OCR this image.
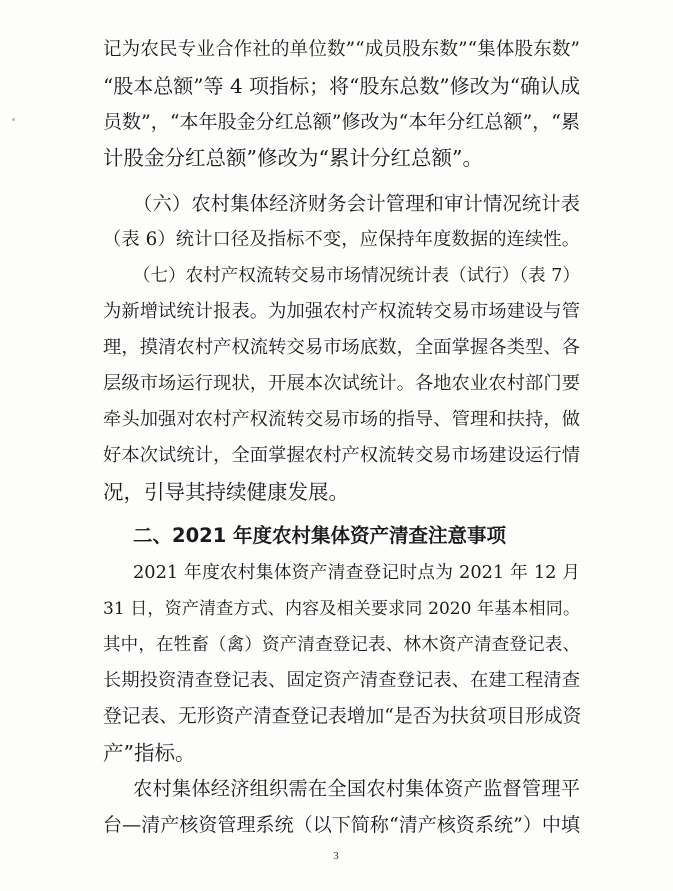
记为农民专业合作社的单位数”“成员股东数”“集体股东数”
“股本总额”等 4 项指标；将“股东总数”修改为“确认成
员数”，“本年股金分红总额”修改为“本年分红总额”，“累
计股金分红总额”修改为“累计分红总额”。
（六）农村集体经济财务会计管理和审计情况统计表
（表 6）统计口径及指标不变，应保持年度数据的连续性。
（七）农村产权流转交易市场情况统计表（试行）（表 7）
为新增试统计报表。为加强农村产权流转交易市场建设与管
理，摸清农村产权流转交易市场底数，全面掌握各类型、各
层级市场运行现状，开展本次试统计。各地农业农村部门要
牵头加强对农村产权流转交易市场的指导、管理和扶持，做
好本次试统计，全面掌握农村产权流转交易市场建设运行情
况，引导其持续健康发展。
二、2021 年度农村集体资产清查注意事项
2021 年度农村集体资产清查登记时点为 2021 年 12 月
31 日，资产清查方式、内容及相关要求同 2020 年基本相同。
其中，在牲畜（禽）资产清查登记表、林木资产清查登记表、
长期投资清查登记表、固定资产清查登记表、在建工程清查
登记表、无形资产清查登记表增加“是否为扶贫项目形成资
产”指标。
农村集体经济组织需在全国农村集体资产监督管理平
台—清产核资管理系统（以下简称“清产核资系统”）中填
3
